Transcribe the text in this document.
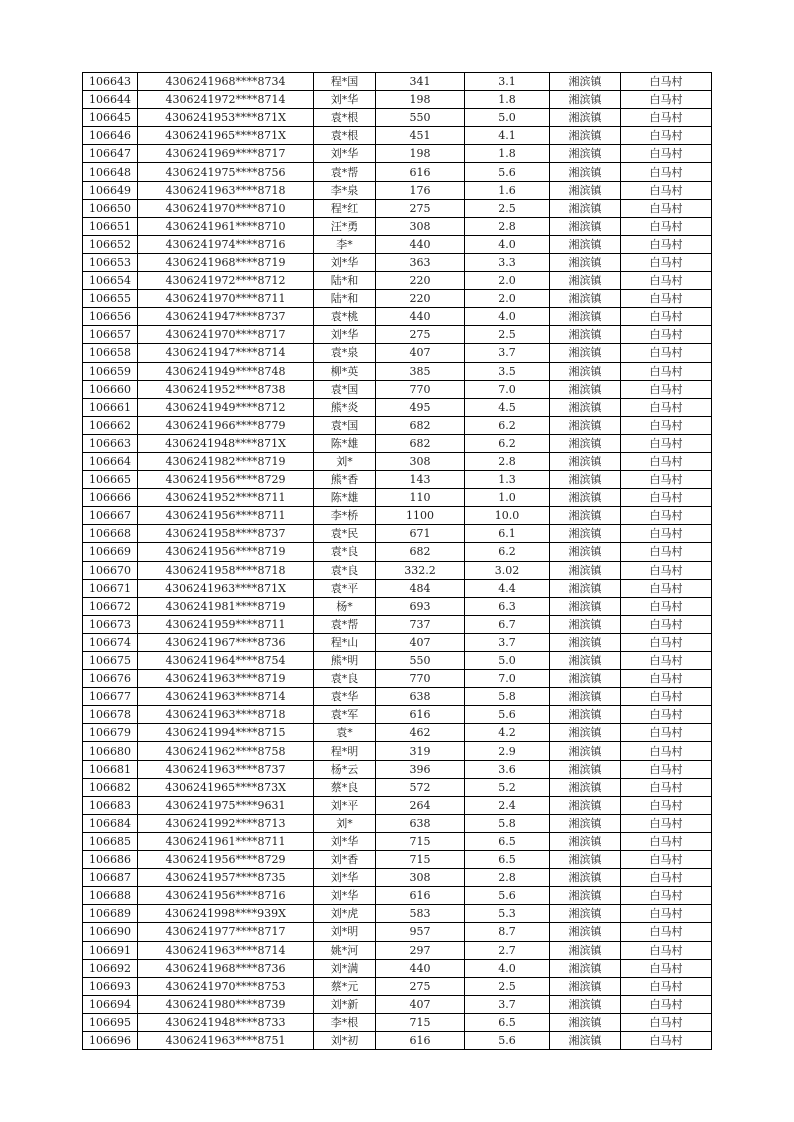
106643	4306241968****8734	程*国	341	3.1	湘滨镇	白马村
106644	4306241972****8714	刘*华	198	1.8	湘滨镇	白马村
106645	4306241953****871X	袁*根	550	5.0	湘滨镇	白马村
106646	4306241965****871X	袁*根	451	4.1	湘滨镇	白马村
106647	4306241969****8717	刘*华	198	1.8	湘滨镇	白马村
106648	4306241975****8756	袁*帮	616	5.6	湘滨镇	白马村
106649	4306241963****8718	李*泉	176	1.6	湘滨镇	白马村
106650	4306241970****8710	程*红	275	2.5	湘滨镇	白马村
106651	4306241961****8710	汪*勇	308	2.8	湘滨镇	白马村
106652	4306241974****8716	李*	440	4.0	湘滨镇	白马村
106653	4306241968****8719	刘*华	363	3.3	湘滨镇	白马村
106654	4306241972****8712	陆*和	220	2.0	湘滨镇	白马村
106655	4306241970****8711	陆*和	220	2.0	湘滨镇	白马村
106656	4306241947****8737	袁*桃	440	4.0	湘滨镇	白马村
106657	4306241970****8717	刘*华	275	2.5	湘滨镇	白马村
106658	4306241947****8714	袁*泉	407	3.7	湘滨镇	白马村
106659	4306241949****8748	柳*英	385	3.5	湘滨镇	白马村
106660	4306241952****8738	袁*国	770	7.0	湘滨镇	白马村
106661	4306241949****8712	熊*炎	495	4.5	湘滨镇	白马村
106662	4306241966****8779	袁*国	682	6.2	湘滨镇	白马村
106663	4306241948****871X	陈*雄	682	6.2	湘滨镇	白马村
106664	4306241982****8719	刘*	308	2.8	湘滨镇	白马村
106665	4306241956****8729	熊*香	143	1.3	湘滨镇	白马村
106666	4306241952****8711	陈*雄	110	1.0	湘滨镇	白马村
106667	4306241956****8711	李*桥	1100	10.0	湘滨镇	白马村
106668	4306241958****8737	袁*民	671	6.1	湘滨镇	白马村
106669	4306241956****8719	袁*良	682	6.2	湘滨镇	白马村
106670	4306241958****8718	袁*良	332.2	3.02	湘滨镇	白马村
106671	4306241963****871X	袁*平	484	4.4	湘滨镇	白马村
106672	4306241981****8719	杨*	693	6.3	湘滨镇	白马村
106673	4306241959****8711	袁*帮	737	6.7	湘滨镇	白马村
106674	4306241967****8736	程*山	407	3.7	湘滨镇	白马村
106675	4306241964****8754	熊*明	550	5.0	湘滨镇	白马村
106676	4306241963****8719	袁*良	770	7.0	湘滨镇	白马村
106677	4306241963****8714	袁*华	638	5.8	湘滨镇	白马村
106678	4306241963****8718	袁*军	616	5.6	湘滨镇	白马村
106679	4306241994****8715	袁*	462	4.2	湘滨镇	白马村
106680	4306241962****8758	程*明	319	2.9	湘滨镇	白马村
106681	4306241963****8737	杨*云	396	3.6	湘滨镇	白马村
106682	4306241965****873X	蔡*良	572	5.2	湘滨镇	白马村
106683	4306241975****9631	刘*平	264	2.4	湘滨镇	白马村
106684	4306241992****8713	刘*	638	5.8	湘滨镇	白马村
106685	4306241961****8711	刘*华	715	6.5	湘滨镇	白马村
106686	4306241956****8729	刘*香	715	6.5	湘滨镇	白马村
106687	4306241957****8735	刘*华	308	2.8	湘滨镇	白马村
106688	4306241956****8716	刘*华	616	5.6	湘滨镇	白马村
106689	4306241998****939X	刘*虎	583	5.3	湘滨镇	白马村
106690	4306241977****8717	刘*明	957	8.7	湘滨镇	白马村
106691	4306241963****8714	姚*河	297	2.7	湘滨镇	白马村
106692	4306241968****8736	刘*满	440	4.0	湘滨镇	白马村
106693	4306241970****8753	蔡*元	275	2.5	湘滨镇	白马村
106694	4306241980****8739	刘*新	407	3.7	湘滨镇	白马村
106695	4306241948****8733	李*根	715	6.5	湘滨镇	白马村
106696	4306241963****8751	刘*初	616	5.6	湘滨镇	白马村
